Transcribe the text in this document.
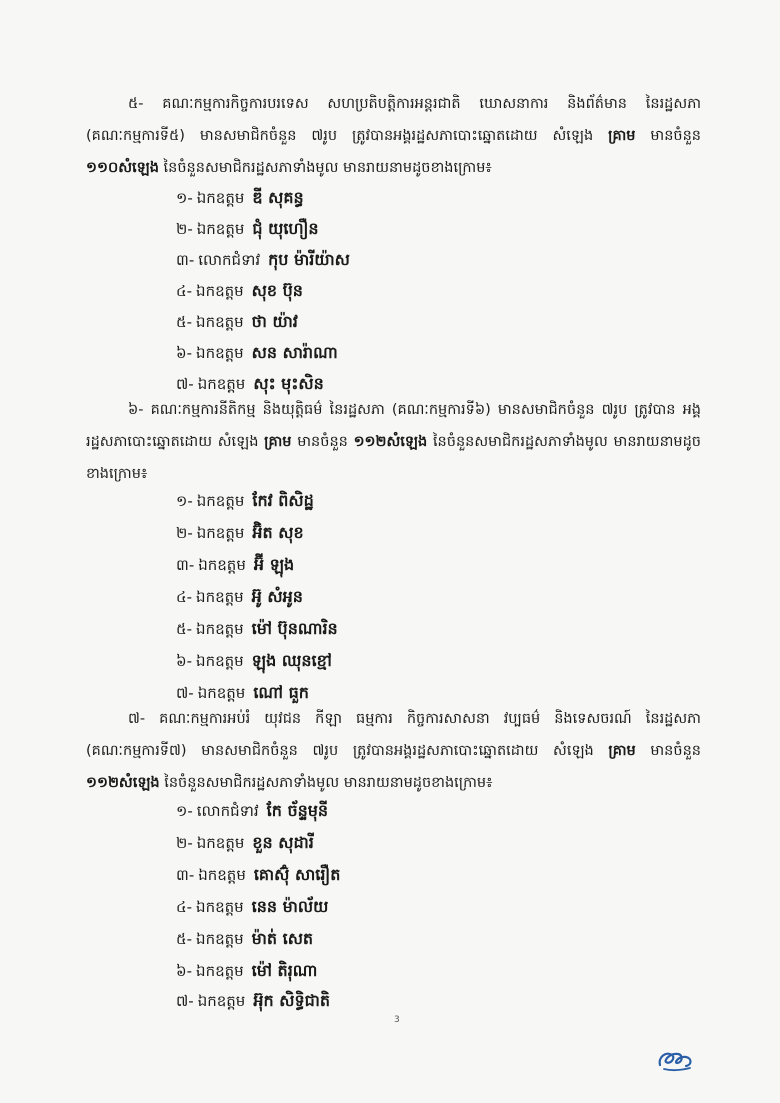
៥- គណៈកម្មការកិច្ចការបរទេស សហប្រតិបត្តិការអន្តរជាតិ ឃោសនាការ និងព័ត៌មាន នៃរដ្ឋសភា (គណៈកម្មការទី៥) មានសមាជិកចំនួន ៧រូប ត្រូវបានអង្គរដ្ឋសភាបោះឆ្នោតដោយ សំឡេង គ្រាម មានចំនួន ១១០សំឡេង នៃចំនួនសមាជិករដ្ឋសភាទាំងមូល មានរាយនាមដូចខាងក្រោម៖
១- ឯកឧត្តម ឌី សុគន្ធ
២- ឯកឧត្តម ជុំ យុហឿន
៣- លោកជំទាវ កុប ម៉ារីយ៉ាស
៤- ឯកឧត្តម សុខ ប៊ុន
៥- ឯកឧត្តម ថា យ៉ាវ
៦- ឯកឧត្តម សន សារ៉ាណា
៧- ឯកឧត្តម សុះ មុះសិន
៦- គណៈកម្មការនីតិកម្ម និងយុត្តិធម៌ នៃរដ្ឋសភា (គណៈកម្មការទី៦) មានសមាជិកចំនួន ៧រូប ត្រូវបាន អង្គរដ្ឋសភាបោះឆ្នោតដោយ សំឡេង គ្រាម មានចំនួន ១១២សំឡេង នៃចំនួនសមាជិករដ្ឋសភាទាំងមូល មានរាយនាមដូចខាងក្រោម៖
១- ឯកឧត្តម កែវ ពិសិដ្ឋ
២- ឯកឧត្តម អ៊ិត សុខ
៣- ឯកឧត្តម អ៊ី ឡុង
៤- ឯកឧត្តម អ៊ូ សំអូន
៥- ឯកឧត្តម ម៉ៅ ប៊ុនណារិន
៦- ឯកឧត្តម ឡុង ឈុនខ្មៅ
៧- ឯកឧត្តម ណៅ ធួក
៧- គណៈកម្មការអប់រំ យុវជន កីឡា ធម្មការ កិច្ចការសាសនា វប្បធម៌ និងទេសចរណ៍ នៃរដ្ឋសភា (គណៈកម្មការទី៧) មានសមាជិកចំនួន ៧រូប ត្រូវបានអង្គរដ្ឋសភាបោះឆ្នោតដោយ សំឡេង គ្រាម មានចំនួន ១១២សំឡេង នៃចំនួនសមាជិករដ្ឋសភាទាំងមូល មានរាយនាមដូចខាងក្រោម៖
១- លោកជំទាវ កែ ច័ន្ទមុនី
២- ឯកឧត្តម ខួន សុដារី
៣- ឯកឧត្តម គោស៊ុំ សារឿត
៤- ឯកឧត្តម នេន ម៉ាល័យ
៥- ឯកឧត្តម ម៉ាត់ សេត
៦- ឯកឧត្តម ម៉ៅ តិរុណា
៧- ឯកឧត្តម អ៊ុក សិទ្ធិជាតិ
3
